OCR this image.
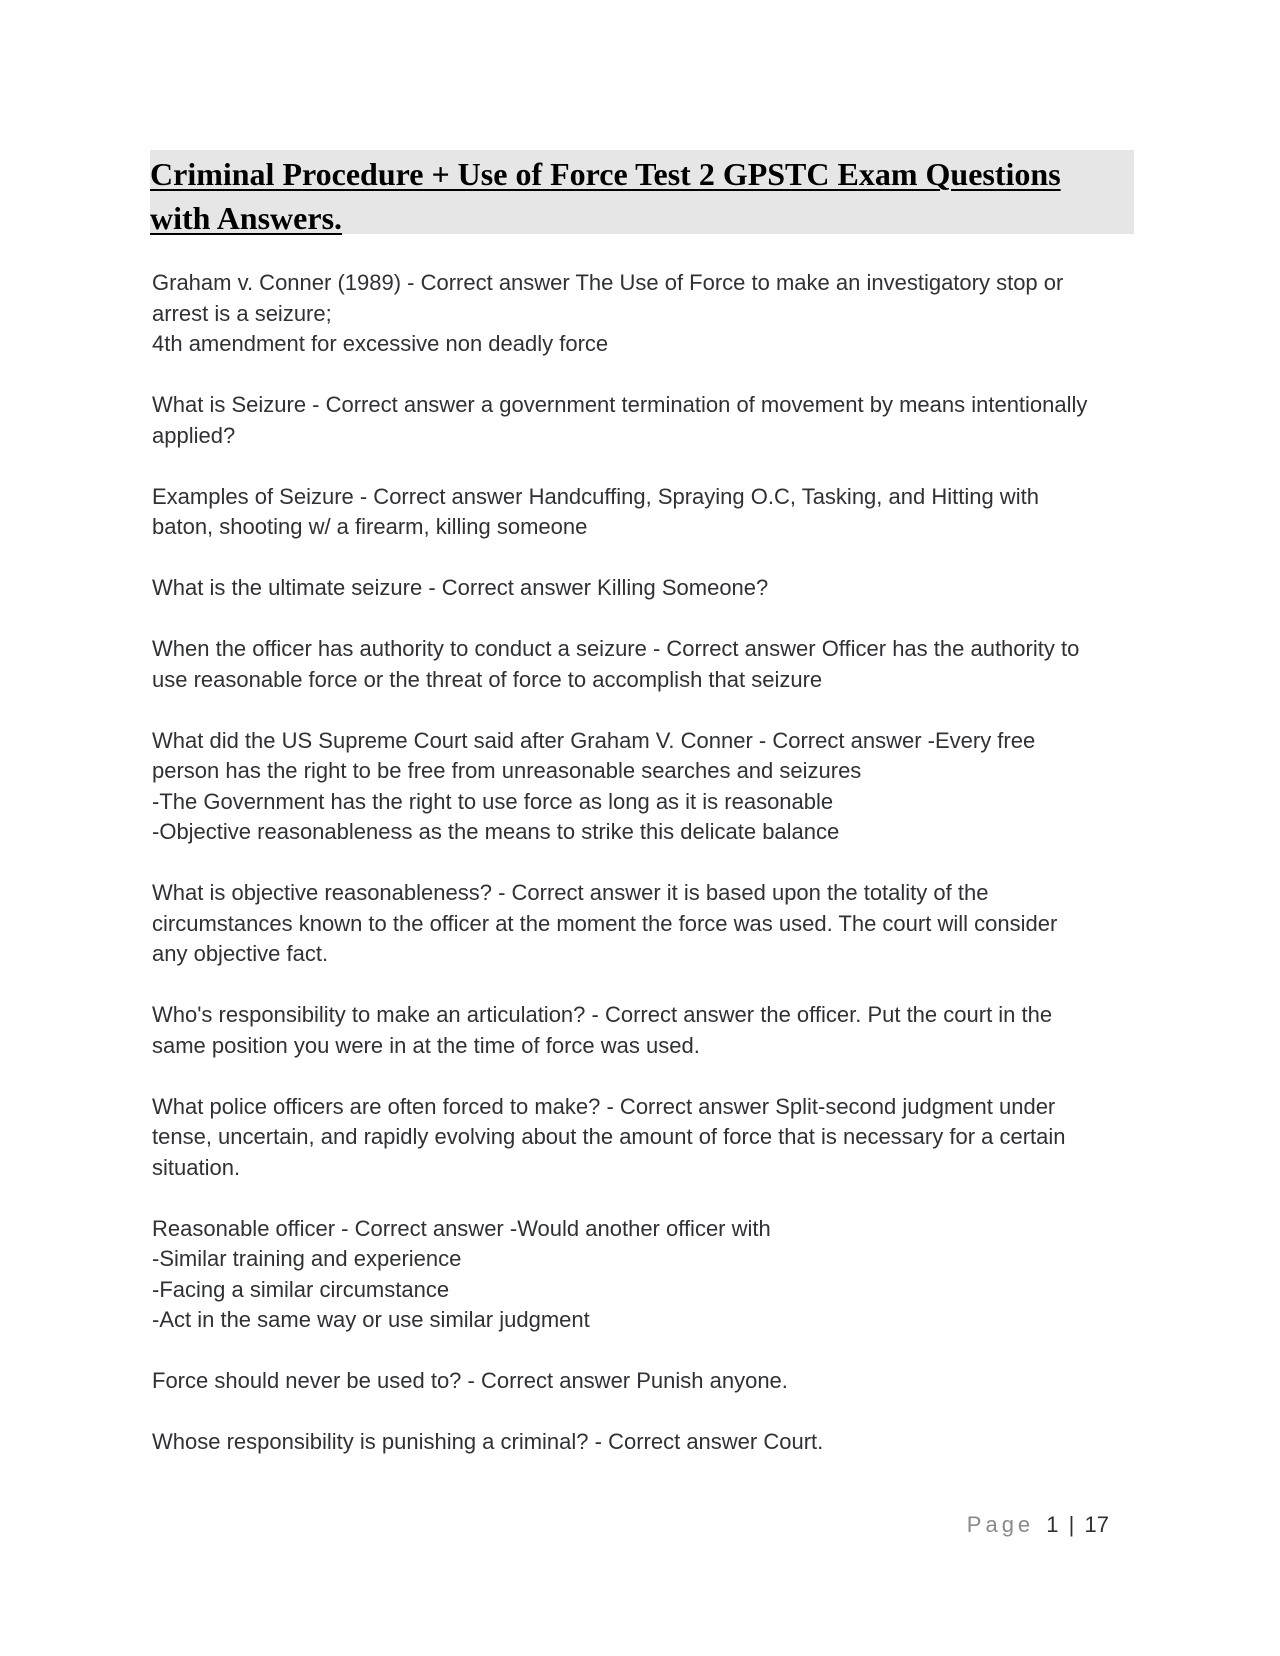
Criminal Procedure + Use of Force Test 2 GPSTC Exam Questions
with Answers.
Graham v. Conner (1989) - Correct answer The Use of Force to make an investigatory stop or
arrest is a seizure;
4th amendment for excessive non deadly force
What is Seizure - Correct answer a government termination of movement by means intentionally
applied?
Examples of Seizure - Correct answer Handcuffing, Spraying O.C, Tasking, and Hitting with
baton, shooting w/ a firearm, killing someone
What is the ultimate seizure - Correct answer Killing Someone?
When the officer has authority to conduct a seizure - Correct answer Officer has the authority to
use reasonable force or the threat of force to accomplish that seizure
What did the US Supreme Court said after Graham V. Conner - Correct answer -Every free
person has the right to be free from unreasonable searches and seizures
-The Government has the right to use force as long as it is reasonable
-Objective reasonableness as the means to strike this delicate balance
What is objective reasonableness? - Correct answer it is based upon the totality of the
circumstances known to the officer at the moment the force was used. The court will consider
any objective fact.
Who's responsibility to make an articulation? - Correct answer the officer. Put the court in the
same position you were in at the time of force was used.
What police officers are often forced to make? - Correct answer Split-second judgment under
tense, uncertain, and rapidly evolving about the amount of force that is necessary for a certain
situation.
Reasonable officer - Correct answer -Would another officer with
-Similar training and experience
-Facing a similar circumstance
-Act in the same way or use similar judgment
Force should never be used to? - Correct answer Punish anyone.
Whose responsibility is punishing a criminal? - Correct answer Court.
Page 1 | 17
